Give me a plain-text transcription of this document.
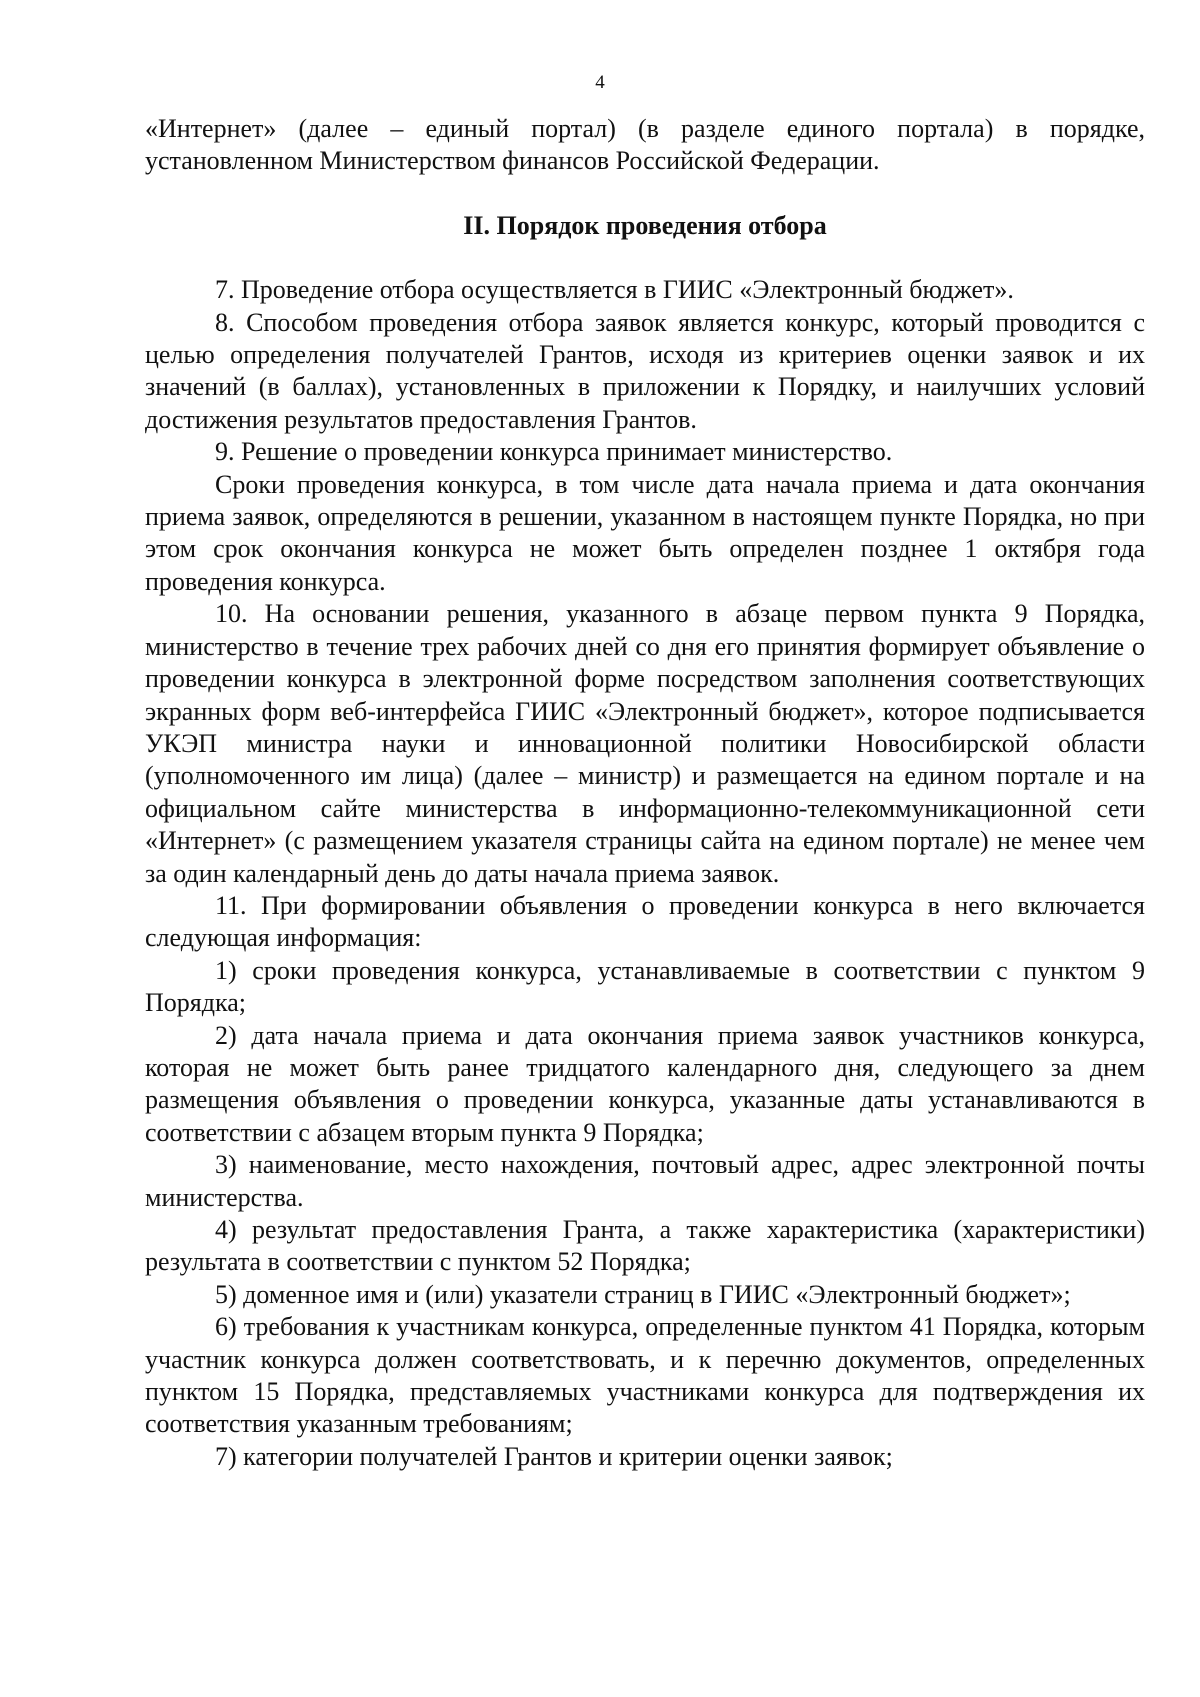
4

«Интернет» (далее – единый портал) (в разделе единого портала) в порядке, установленном Министерством финансов Российской Федерации.

II. Порядок проведения отбора

7. Проведение отбора осуществляется в ГИИС «Электронный бюджет».

8. Способом проведения отбора заявок является конкурс, который проводится с целью определения получателей Грантов, исходя из критериев оценки заявок и их значений (в баллах), установленных в приложении к Порядку, и наилучших условий достижения результатов предоставления Грантов.

9. Решение о проведении конкурса принимает министерство.

Сроки проведения конкурса, в том числе дата начала приема и дата окончания приема заявок, определяются в решении, указанном в настоящем пункте Порядка, но при этом срок окончания конкурса не может быть определен позднее 1 октября года проведения конкурса.

10. На основании решения, указанного в абзаце первом пункта 9 Порядка, министерство в течение трех рабочих дней со дня его принятия формирует объявление о проведении конкурса в электронной форме посредством заполнения соответствующих экранных форм веб-интерфейса ГИИС «Электронный бюджет», которое подписывается УКЭП министра науки и инновационной политики Новосибирской области (уполномоченного им лица) (далее – министр) и размещается на едином портале и на официальном сайте министерства в информационно-телекоммуникационной сети «Интернет» (с размещением указателя страницы сайта на едином портале) не менее чем за один календарный день до даты начала приема заявок.

11. При формировании объявления о проведении конкурса в него включается следующая информация:

1) сроки проведения конкурса, устанавливаемые в соответствии с пунктом 9 Порядка;

2) дата начала приема и дата окончания приема заявок участников конкурса, которая не может быть ранее тридцатого календарного дня, следующего за днем размещения объявления о проведении конкурса, указанные даты устанавливаются в соответствии с абзацем вторым пункта 9 Порядка;

3) наименование, место нахождения, почтовый адрес, адрес электронной почты министерства.

4) результат предоставления Гранта, а также характеристика (характеристики) результата в соответствии с пунктом 52 Порядка;

5) доменное имя и (или) указатели страниц в ГИИС «Электронный бюджет»;

6) требования к участникам конкурса, определенные пунктом 41 Порядка, которым участник конкурса должен соответствовать, и к перечню документов, определенных пунктом 15 Порядка, представляемых участниками конкурса для подтверждения их соответствия указанным требованиям;

7) категории получателей Грантов и критерии оценки заявок;
